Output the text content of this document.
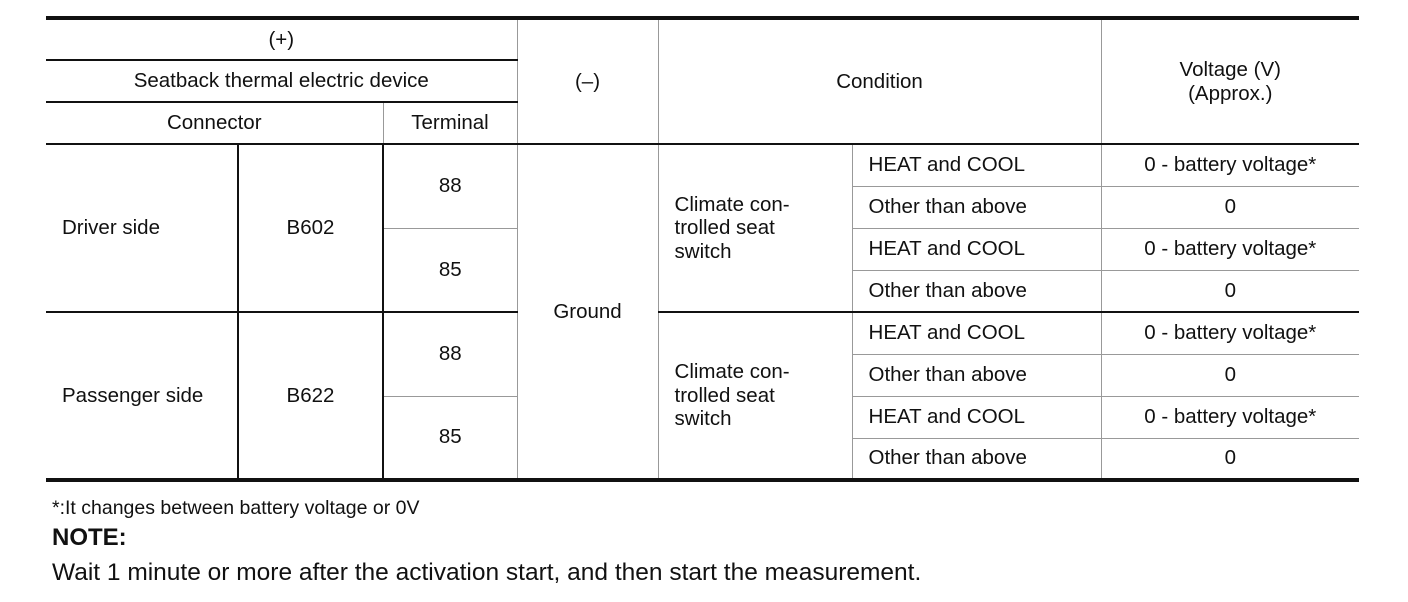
(+)			(–)	Condition		Voltage (V)
(Approx.)

Seatback thermal electric device						
Connector		Terminal				
Driver side	B602	88	Ground	Climate con-
trolled seat
switch	HEAT and COOL	0 - battery voltage*
					Other than above	0
		85			HEAT and COOL	0 - battery voltage*
					Other than above	0
Passenger side	B622	88		Climate con-
trolled seat
switch	HEAT and COOL	0 - battery voltage*
					Other than above	0
		85			HEAT and COOL	0 - battery voltage*
					Other than above	0
*:It changes between battery voltage or 0V
NOTE:
Wait 1 minute or more after the activation start, and then start the measurement.
